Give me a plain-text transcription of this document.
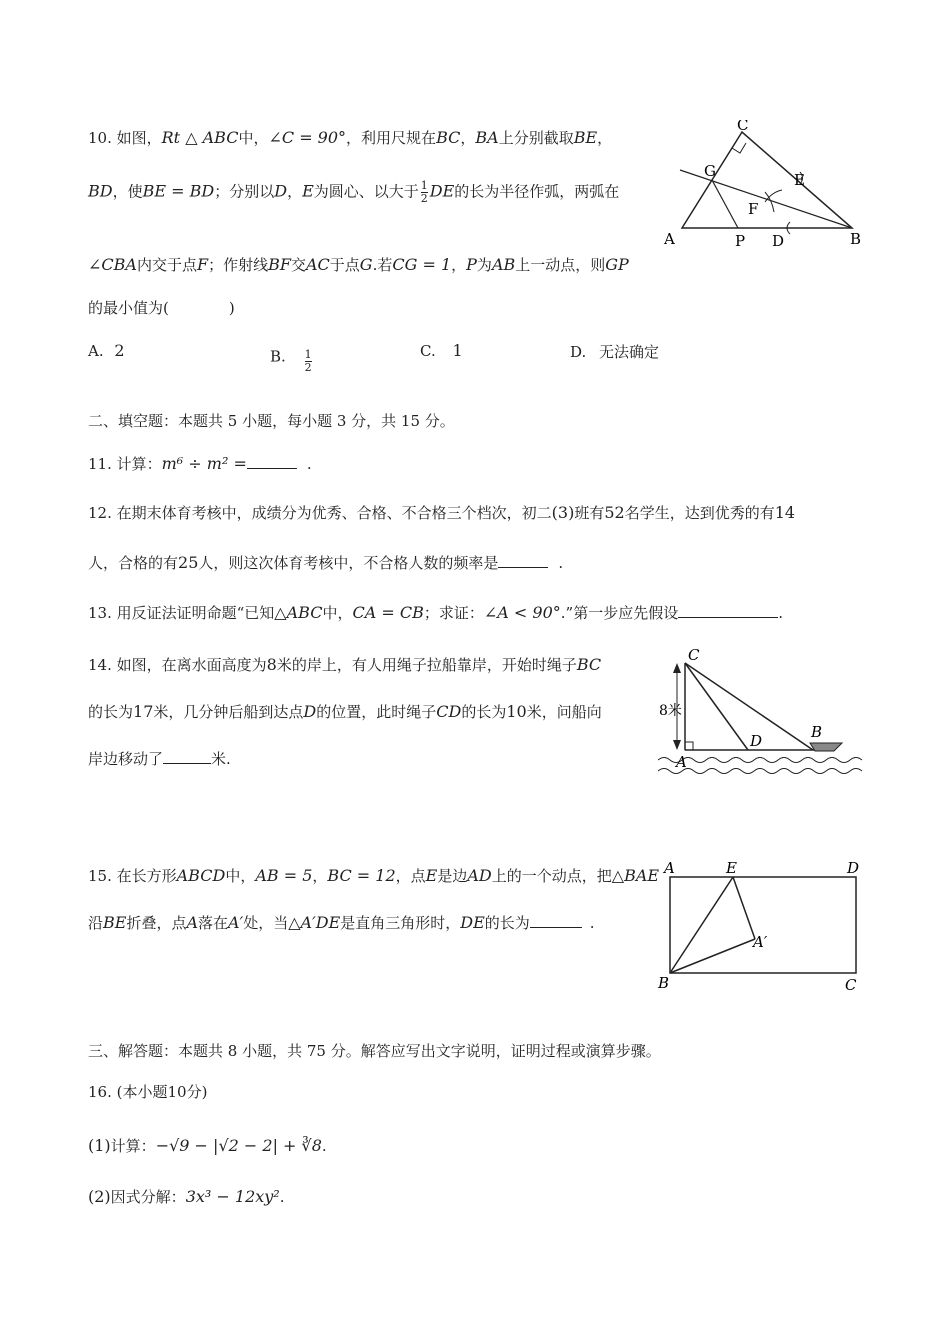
10. 如图，Rt △ ABC中，∠C = 90°，利用尺规在BC，BA上分别截取BE，
BD，使BE = BD；分别以D，E为圆心、以大于 $\frac{1}{2}$ DE的长为半径作弧，两弧在
∠CBA内交于点F；作射线BF交AC于点G.若CG = 1，P为AB上一动点，则GP
的最小值为(　　　　)
A. 2	B. $\frac{1}{2}$	C. 1	D. 无法确定
C
G	E
F
A	P D	B
二、填空题：本题共 5 小题，每小题 3 分，共 15 分。
11. 计算：m⁶ ÷ m² =	.
12. 在期末体育考核中，成绩分为优秀、合格、不合格三个档次，初二(3)班有52名学生，达到优秀的有14
人，合格的有25人，则这次体育考核中，不合格人数的频率是	.
13. 用反证法证明命题“已知△ABC中，CA = CB；求证：∠A < 90°.”第一步应先假设	.
14. 如图，在离水面高度为8米的岸上，有人用绳子拉船靠岸，开始时绳子BC
的长为17米，几分钟后船到达点D的位置，此时绳子CD的长为10米，问船向
岸边移动了	米.
C
8米
D	B
A
15. 在长方形ABCD中，AB = 5，BC = 12，点E是边AD上的一个动点，把△BAE
沿BE折叠，点A落在A′处，当△A′DE是直角三角形时，DE的长为	.
A	E	D
A′
B	C
三、解答题：本题共 8 小题，共 75 分。解答应写出文字说明，证明过程或演算步骤。
16. (本小题10分)
(1)计算：−√9 − |√2 − 2| + ∛8.
(2)因式分解：3x³ − 12xy².
